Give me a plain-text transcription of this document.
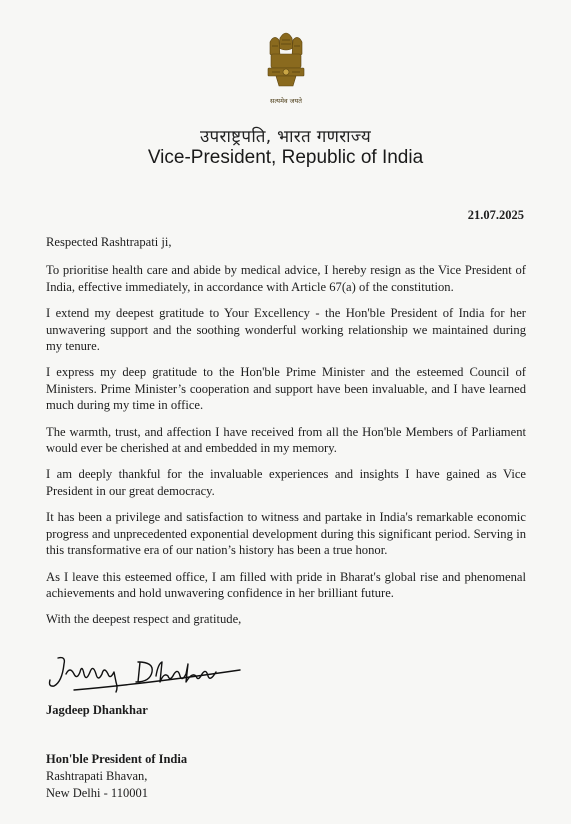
सत्यमेव जयते
उपराष्ट्रपति, भारत गणराज्य
Vice-President, Republic of India
21.07.2025

Respected Rashtrapati ji,

To prioritise health care and abide by medical advice, I hereby resign as the Vice President of India, effective immediately, in accordance with Article 67(a) of the constitution.

I extend my deepest gratitude to Your Excellency - the Hon'ble President of India for her unwavering support and the soothing wonderful working relationship we maintained during my tenure.

I express my deep gratitude to the Hon'ble Prime Minister and the esteemed Council of Ministers. Prime Minister’s cooperation and support have been invaluable, and I have learned much during my time in office.

The warmth, trust, and affection I have received from all the Hon'ble Members of Parliament would ever be cherished at and embedded in my memory.

I am deeply thankful for the invaluable experiences and insights I have gained as Vice President in our great democracy.

It has been a privilege and satisfaction to witness and partake in India's remarkable economic progress and unprecedented exponential development during this significant period. Serving in this transformative era of our nation’s history has been a true honor.

As I leave this esteemed office, I am filled with pride in Bharat's global rise and phenomenal achievements and hold unwavering confidence in her brilliant future.

With the deepest respect and gratitude,

Jagdeep Dhankhar
Hon'ble President of India
Rashtrapati Bhavan,
New Delhi - 110001
